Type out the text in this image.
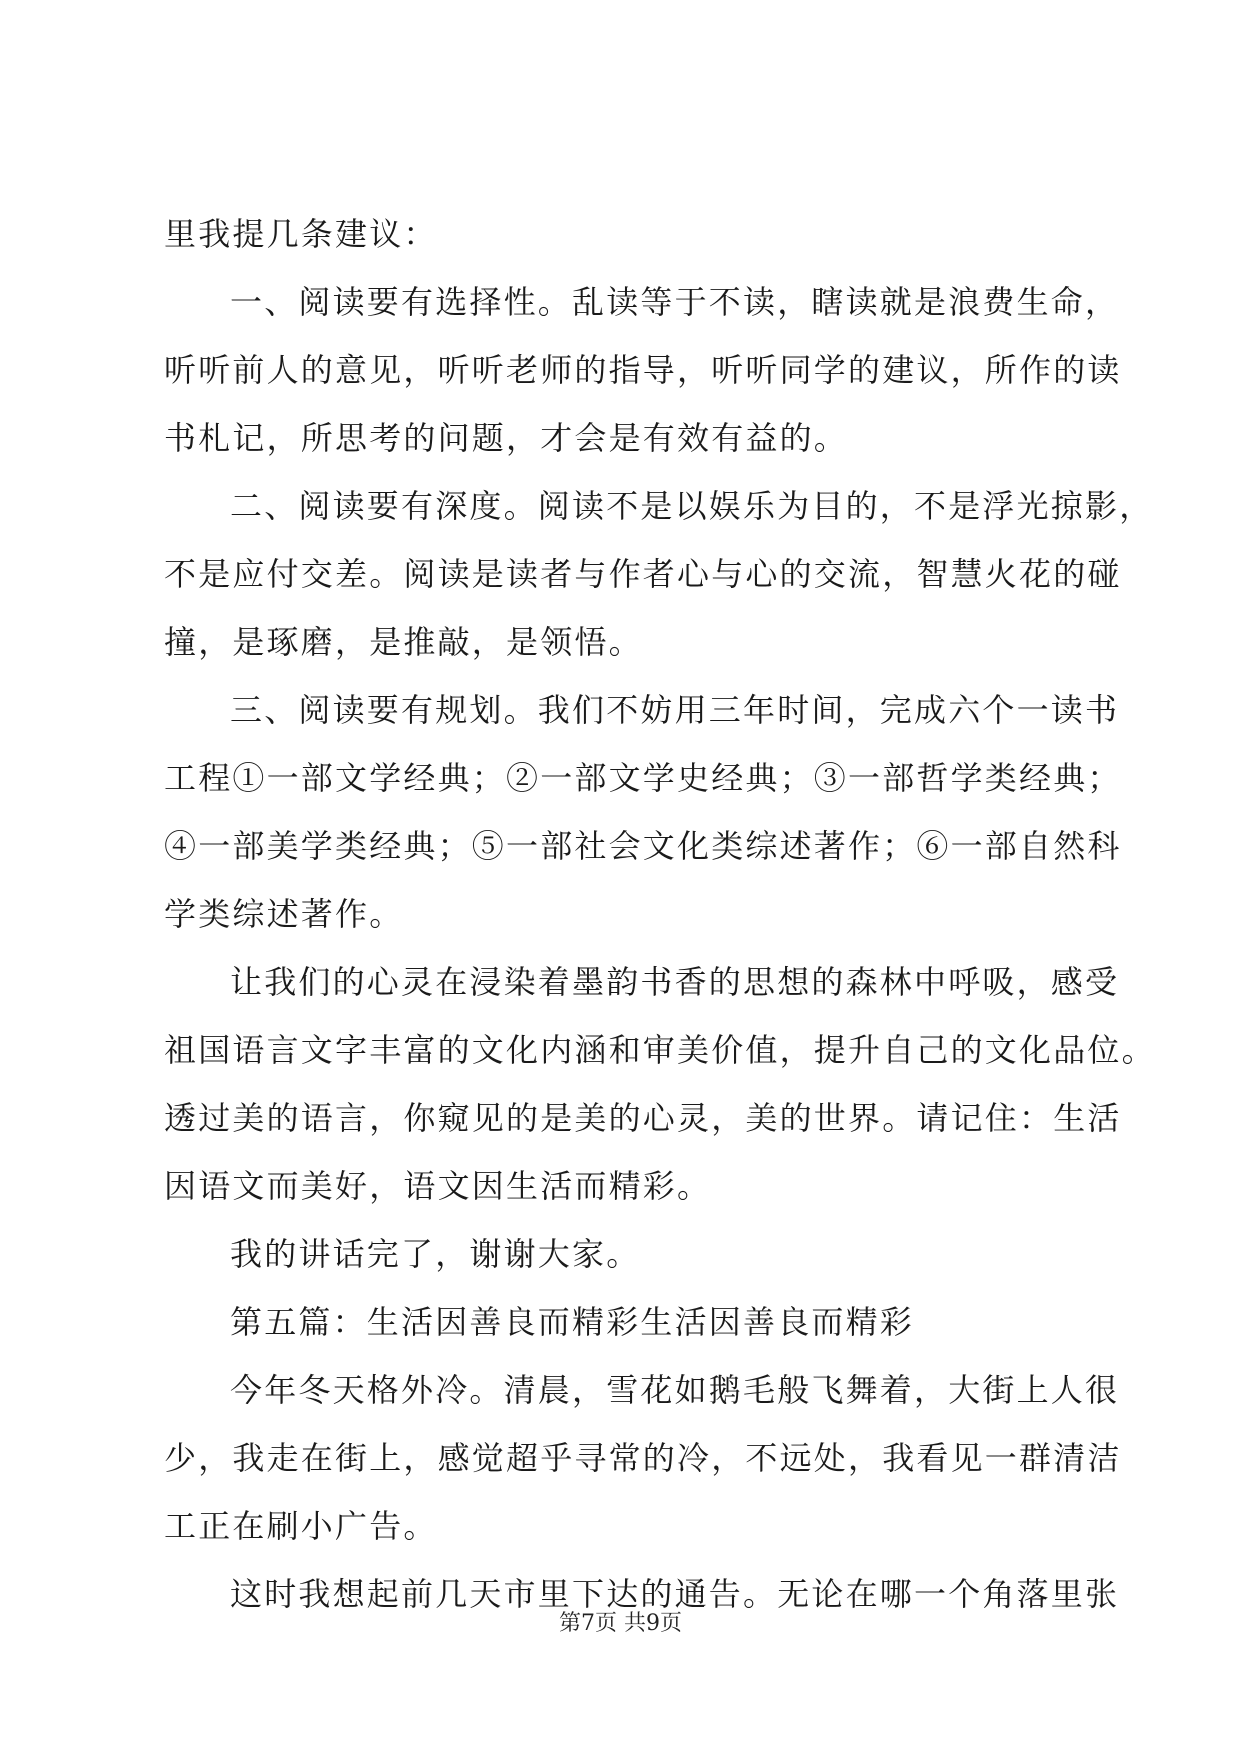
里我提几条建议：
一、阅读要有选择性。乱读等于不读，瞎读就是浪费生命，
听听前人的意见，听听老师的指导，听听同学的建议，所作的读
书札记，所思考的问题，才会是有效有益的。
二、阅读要有深度。阅读不是以娱乐为目的，不是浮光掠影，
不是应付交差。阅读是读者与作者心与心的交流，智慧火花的碰
撞，是琢磨，是推敲，是领悟。
三、阅读要有规划。我们不妨用三年时间，完成六个一读书
工程①一部文学经典；②一部文学史经典；③一部哲学类经典；
④一部美学类经典；⑤一部社会文化类综述著作；⑥一部自然科
学类综述著作。
让我们的心灵在浸染着墨韵书香的思想的森林中呼吸，感受
祖国语言文字丰富的文化内涵和审美价值，提升自己的文化品位。
透过美的语言，你窥见的是美的心灵，美的世界。请记住：生活
因语文而美好，语文因生活而精彩。
我的讲话完了，谢谢大家。
第五篇：生活因善良而精彩生活因善良而精彩
今年冬天格外冷。清晨，雪花如鹅毛般飞舞着，大街上人很
少，我走在街上，感觉超乎寻常的冷，不远处，我看见一群清洁
工正在刷小广告。
这时我想起前几天市里下达的通告。无论在哪一个角落里张
第7页 共9页
